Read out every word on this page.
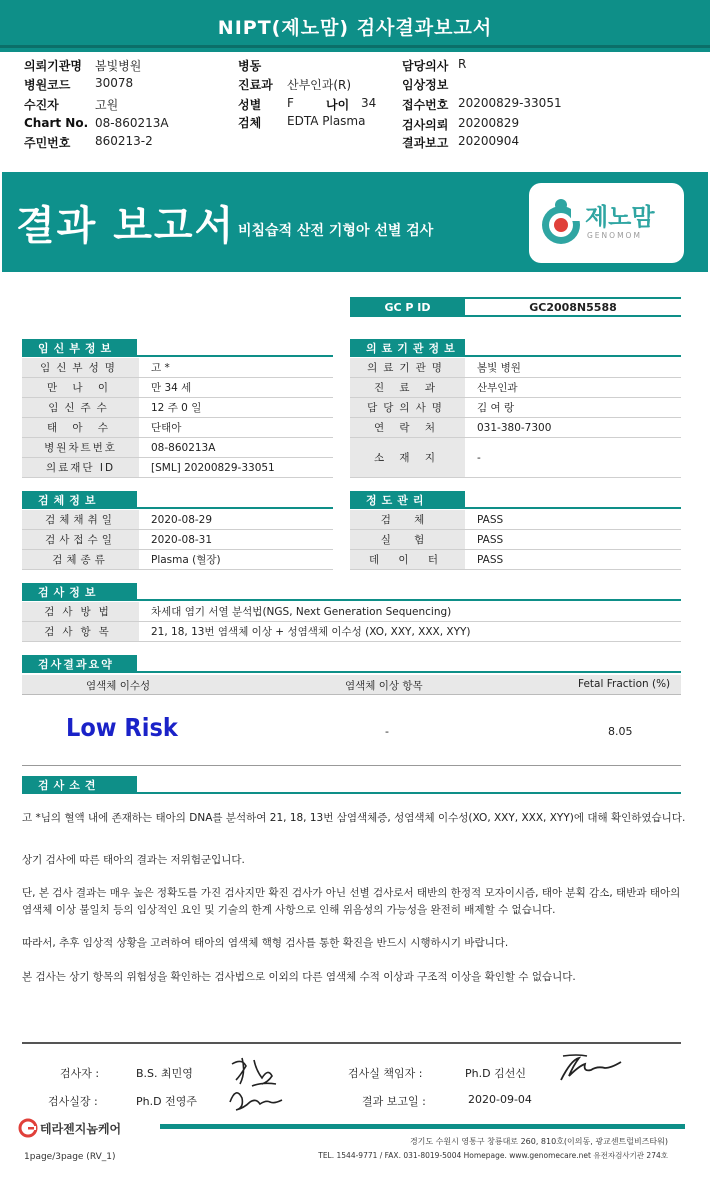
NIPT(제노맘) 검사결과보고서
의뢰기관명 봄빛병원
병원코드 30078
수진자	고원
Chart No. 08-860213A
주민번호 860213-2
병동
진료과 산부인과(R)
성별 F	나이 34
검체 EDTA Plasma
담당의사 R
임상정보
접수번호 20200829-33051
검사의뢰 20200829
결과보고 20200904
결과 보고서 비침습적 산전 기형아 선별 검사	제노맘
GENOMOM
GC P ID	GC2008N5588
임신부정보
임신부성명	고 *
만 나 이	만 34 세
임신주수	12 주 0 일
태 아 수	단태아
병원차트번호	08-860213A
의료재단 ID	[SML] 20200829-33051
의료기관정보
의료기관명	봄빛 병원
진 료 과	산부인과
담당의사명	김 여 랑
연 락 처	031-380-7300
소 재 지	-
검체정보
검체채취일	2020-08-29
검사접수일	2020-08-31
검체종류	Plasma (혈장)
정도관리
검 체	PASS
실 험	PASS
데 이 터	PASS
검사정보
검사방법	차세대 염기 서열 분석법(NGS, Next Generation Sequencing)
검사항목	21, 18, 13번 염색체 이상 + 성염색체 이수성 (XO, XXY, XXX, XYY)
검사결과요약
염색체 이수성	염색체 이상 항목	Fetal Fraction (%)
Low Risk	-	8.05
검사소견
고 *님의 혈액 내에 존재하는 태아의 DNA를 분석하여 21, 18, 13번 삼염색체증, 성염색체 이수성(XO, XXY, XXX, XYY)에 대해 확인하였습니다.
상기 검사에 따른 태아의 결과는 저위험군입니다.
단, 본 검사 결과는 매우 높은 정확도를 가진 검사지만 확진 검사가 아닌 선별 검사로서 태반의 한정적 모자이시즘, 태아 분획 감소, 태반과 태아의 염색체 이상 불일치 등의 임상적인 요인 및 기술의 한계 사항으로 인해 위음성의 가능성을 완전히 배제할 수 없습니다.
따라서, 추후 임상적 상황을 고려하여 태아의 염색체 핵형 검사를 통한 확진을 반드시 시행하시기 바랍니다.
본 검사는 상기 항목의 위험성을 확인하는 검사법으로 이외의 다른 염색체 수적 이상과 구조적 이상을 확인할 수 없습니다.
검사자 :	B.S. 최민영
검사실장 :	Ph.D 전영주
검사실 책임자 :	Ph.D 김선신
결과 보고일 :	2020-09-04
테라젠지놈케어
경기도 수원시 영통구 창룡대로 260, 810호(이의동, 광교센트럴비즈타워)
TEL. 1544-9771 / FAX. 031-8019-5004 Homepage. www.genomecare.net 유전자검사기관 274호
1page/3page (RV_1)
